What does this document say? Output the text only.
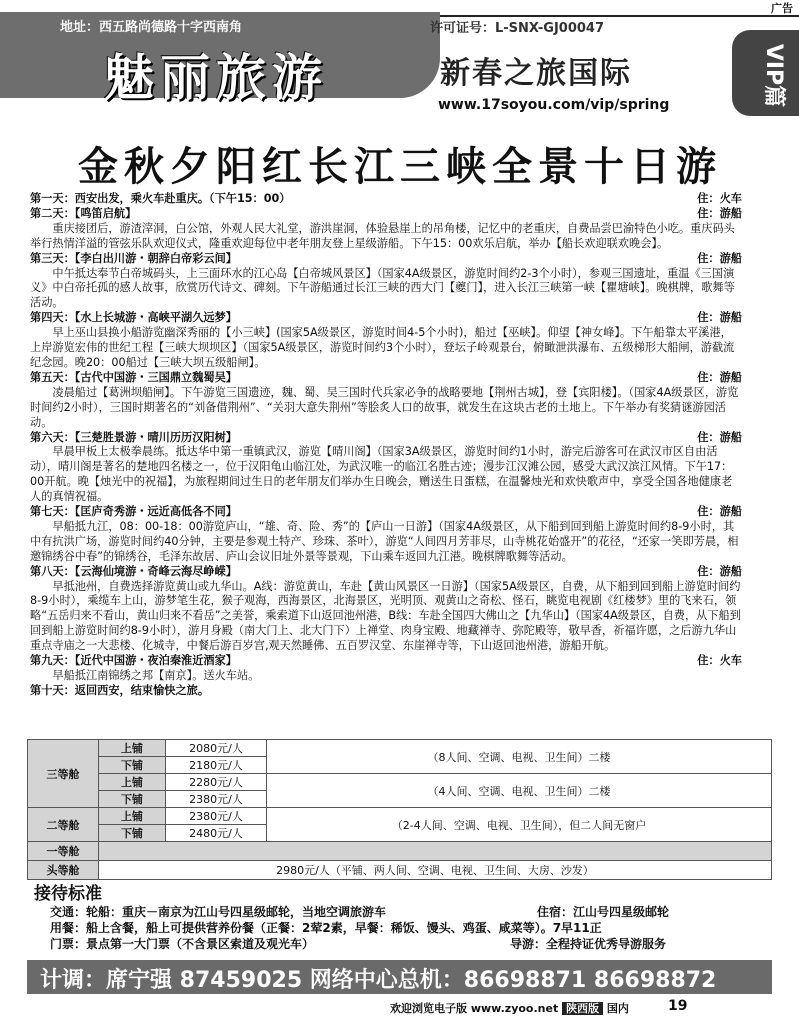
广告
地址：西五路尚德路十字西南角	许可证号：L-SNX-GJ00047
魅丽旅游	新春之旅国际
www.17soyou.com/vip/spring	VIP篇
金秋夕阳红长江三峡全景十日游
第一天：西安出发，乘火车赴重庆。（下午15：00）	住：火车
第二天：【鸣笛启航】	住：游船
重庆接团后，游渣滓洞，白公馆，外观人民大礼堂，游洪崖洞，体验悬崖上的吊角楼，记忆中的老重庆，自费品尝巴渝特色小吃。重庆码头举行热情洋溢的管弦乐队欢迎仪式，隆重欢迎每位中老年朋友登上星级游船。下午15：00欢乐启航，举办【船长欢迎联欢晚会】。
第三天：【李白出川游・朝辞白帝彩云间】	住：游船
中午抵达奉节白帝城码头，上三面环水的江心岛【白帝城风景区】（国家4A级景区，游览时间约2-3个小时），参观三国遗址，重温《三国演义》中白帝托孤的感人故事，欣赏历代诗文、碑刻。下午游船通过长江三峡的西大门【夔门】，进入长江三峡第一峡【瞿塘峡】。晚棋牌，歌舞等活动。
第四天：【水上长城游・高峡平湖久远梦】	住：游船
早上巫山县换小船游览幽深秀丽的【小三峡】(国家5A级景区，游览时间4-5个小时)，船过【巫峡】。仰望【神女峰】。下午船靠太平溪港，上岸游览宏伟的世纪工程【三峡大坝坝区】（国家5A级景区，游览时间约3个小时），登坛子岭观景台，俯瞰泄洪瀑布、五级梯形大船闸，游截流纪念园。晚20：00船过【三峡大坝五级船闸】。
第五天：【古代中国游・三国鼎立魏蜀吴】	住：游船
凌晨船过【葛洲坝船闸】。下午游览三国遗迹，魏、蜀、吴三国时代兵家必争的战略要地【荆州古城】，登【宾阳楼】。（国家4A级景区，游览时间约2小时），三国时期著名的“刘备借荆州”、“关羽大意失荆州”等脍炙人口的故事，就发生在这块古老的土地上。下午举办有奖猜谜游园活动。
第六天：【三楚胜景游・晴川历历汉阳树】	住：游船
早晨甲板上太极拳晨练。抵达华中第一重镇武汉，游览【晴川阁】（国家3A级景区，游览时间约1小时，游完后游客可在武汉市区自由活动），晴川阁是著名的楚地四名楼之一，位于汉阳龟山临江处，为武汉唯一的临江名胜古迹；漫步江汉滩公园，感受大武汉滨江风情。下午17：00开航。晚【烛光中的祝福】，为旅程期间过生日的老年朋友们举办生日晚会，赠送生日蛋糕，在温馨烛光和欢快歌声中，享受全国各地健康老人的真情祝福。
第七天：【匡庐奇秀游・远近高低各不同】	住：游船
早船抵九江，08：00-18：00游览庐山，“雄、奇、险、秀”的【庐山一日游】（国家4A级景区，从下船到回到船上游览时间约8-9小时，其中有抗洪广场，游览时间约40分钟，主要是参观土特产、珍珠、茶叶），游览“人间四月芳菲尽，山寺桃花始盛开”的花径，“还家一笑即芳晨，相邀锦绣谷中春”的锦绣谷，毛泽东故居、庐山会议旧址外景等景观，下山乘车返回九江港。晚棋牌歌舞等活动。
第八天：【云海仙境游・奇峰云海尽峥嵘】	住：游船
早抵池州，自费选择游览黄山或九华山。A线：游览黄山，车赴【黄山风景区一日游】（国家5A级景区，自费，从下船到回到船上游览时间约8-9小时），乘缆车上山，游梦笔生花，猴子观海，西海景区，北海景区，光明顶、观黄山之奇松、怪石，眺览电视剧《红楼梦》里的飞来石，领略“五岳归来不看山，黄山归来不看岳”之美誉，乘索道下山返回池州港，B线：车赴全国四大佛山之【九华山】（国家4A级景区，自费，从下船到回到船上游览时间约8-9小时），游月身殿（南大门上、北大门下）上禅堂、肉身宝殿、地藏禅寺、弥陀殿等，敬早香，祈福许愿，之后游九华山重点寺庙之一大悲楼、化城寺，中餐后游百岁宫,观天然睡佛、五百罗汉堂、东崖禅寺等，下山返回池州港，游船开航。
第九天：【近代中国游・夜泊秦淮近酒家】	住：火车
早船抵江南锦绣之邦【南京】。送火车站。
第十天：返回西安，结束愉快之旅。
三等舱	上铺	2080元/人	（8人间、空调、电视、卫生间）二楼
	下铺	2180元/人	
	上铺	2280元/人	（4人间、空调、电视、卫生间）二楼
	下铺	2380元/人	
二等舱	上铺	2380元/人	（2-4人间、空调、电视、卫生间），但二人间无窗户
	下铺	2480元/人	
一等舱			
头等舱	2980元/人（平铺、两人间、空调、电视、卫生间、大房、沙发）		
接待标准
交通：轮船：重庆－南京为江山号四星级邮轮，当地空调旅游车	住宿：江山号四星级邮轮
用餐：船上含餐，船上可提供营养份餐（正餐：2荤2素，早餐：稀饭、馒头、鸡蛋、咸菜等）。7早11正
门票：景点第一大门票（不含景区索道及观光车）	导游：全程持证优秀导游服务
计调：席宁强 87459025 网络中心总机：86698871 86698872
欢迎浏览电子版 www.zyoo.net 陕西版 国内	19
